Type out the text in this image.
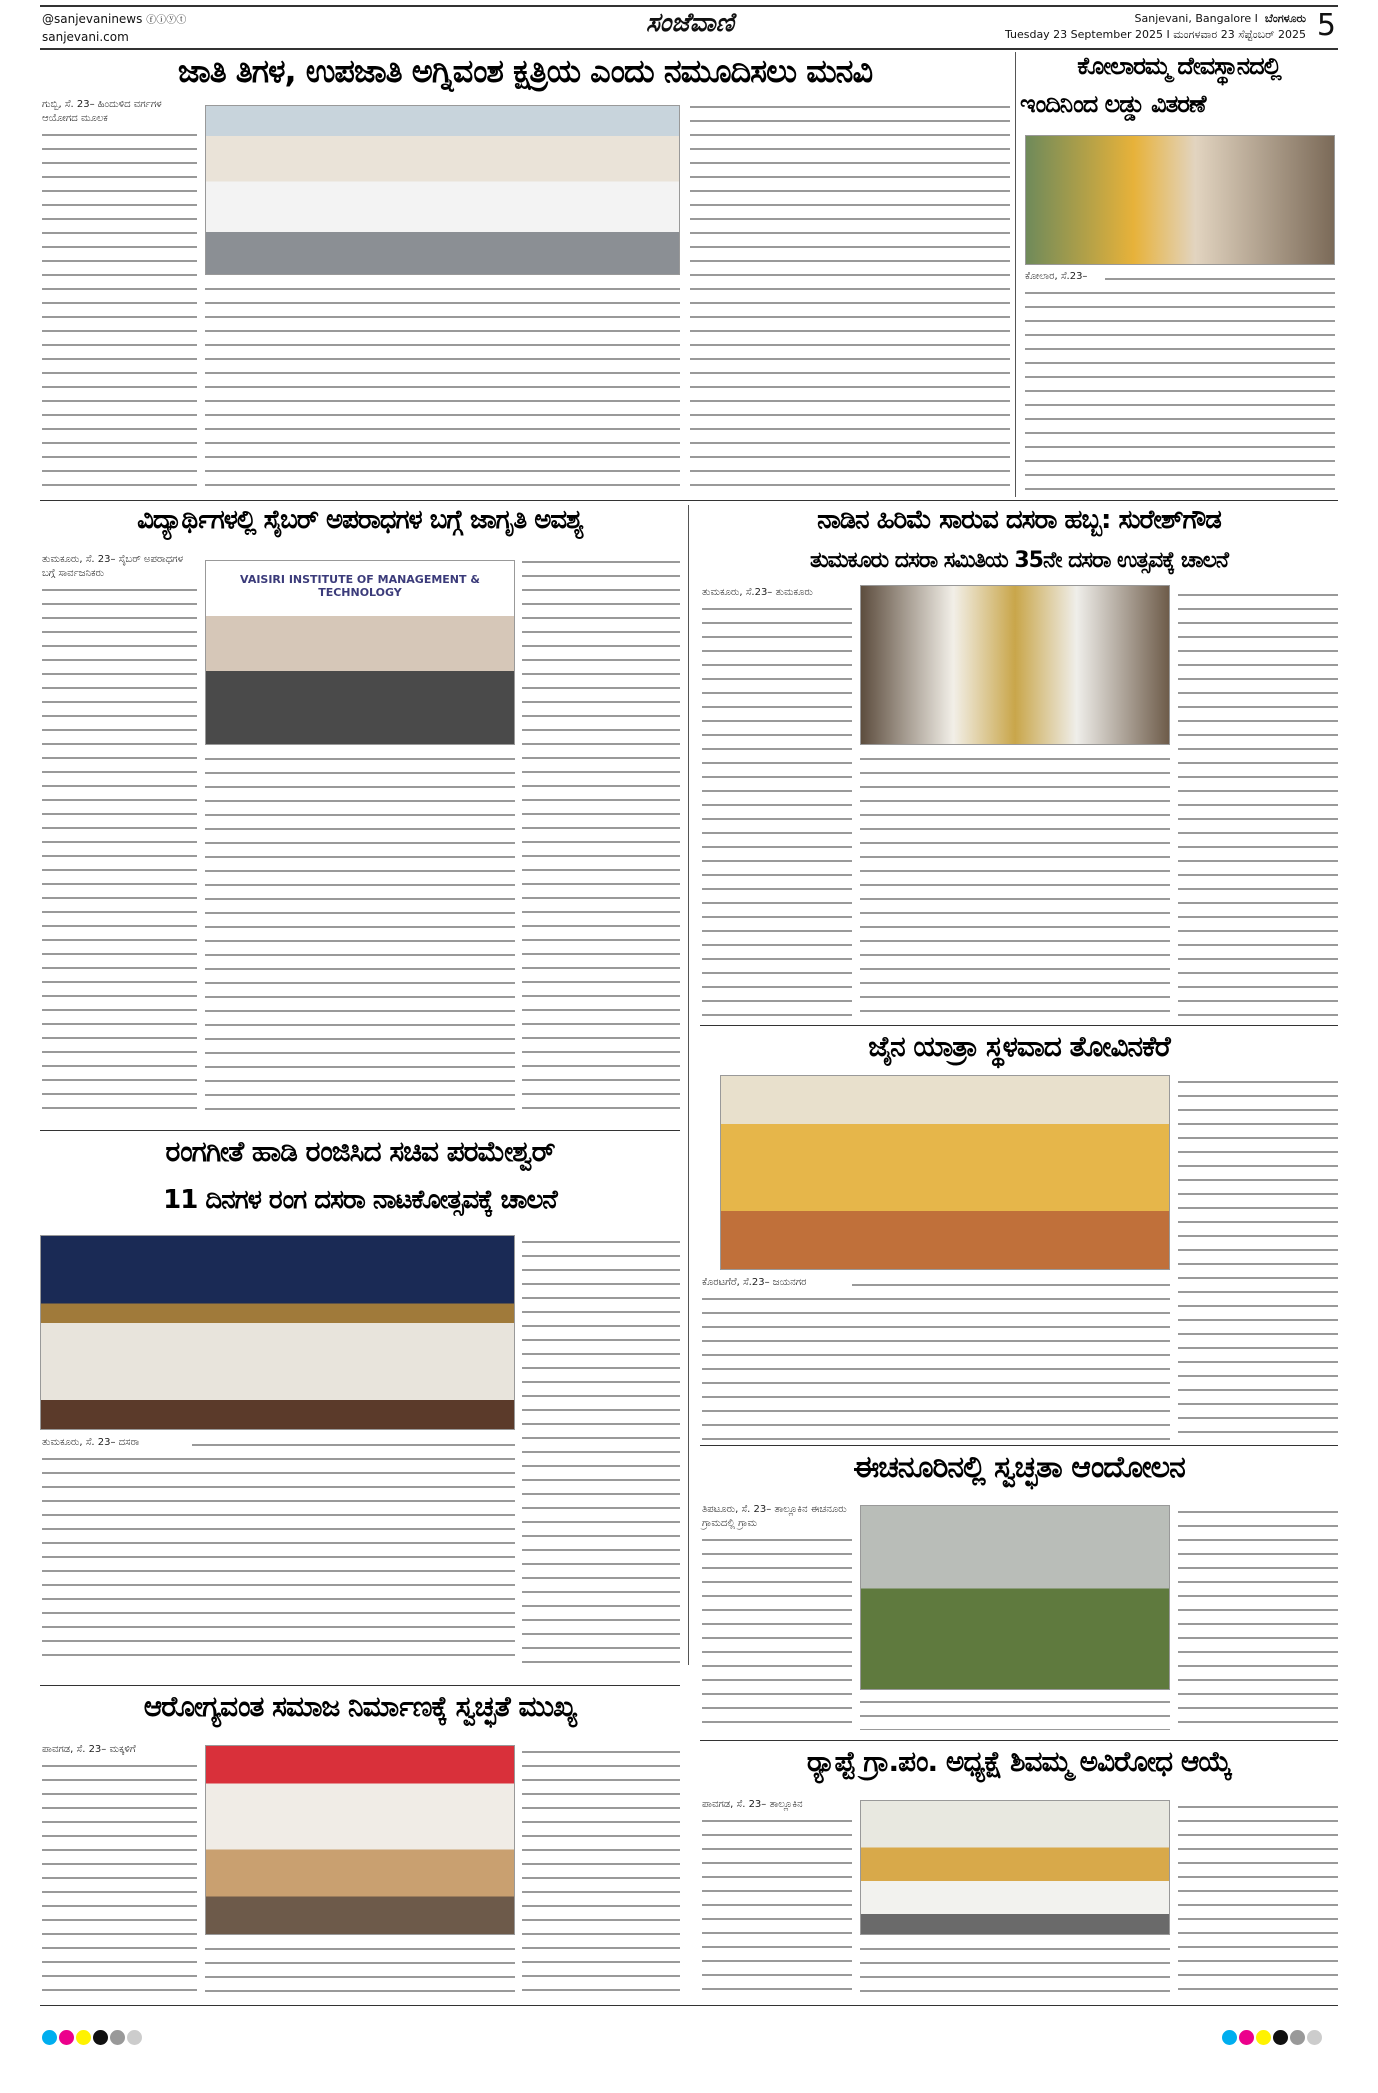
@sanjevaninews ⓕⓘⓨⓣ
sanjevani.com	ಸಂಜೆವಾಣಿ	Sanjevani, Bangalore I ಬೆಂಗಳೂರು
Tuesday 23 September 2025 I ಮಂಗಳವಾರ 23 ಸೆಪ್ಟೆಂಬರ್ 2025 5
ಜಾತಿ ತಿಗಳ, ಉಪಜಾತಿ ಅಗ್ನಿವಂಶ ಕ್ಷತ್ರಿಯ ಎಂದು ನಮೂದಿಸಲು ಮನವಿ
ಗುಬ್ಬಿ, ಸೆ. 23– ಹಿಂದುಳಿದ ವರ್ಗಗಳ ಆಯೋಗದ ಮೂಲಕ
ಕೋಲಾರಮ್ಮ ದೇವಸ್ಥಾನದಲ್ಲಿ
ಇಂದಿನಿಂದ ಲಡ್ಡು ವಿತರಣೆ
ಕೋಲಾರ, ಸೆ.23–
ವಿದ್ಯಾರ್ಥಿಗಳಲ್ಲಿ ಸೈಬರ್ ಅಪರಾಧಗಳ ಬಗ್ಗೆ ಜಾಗೃತಿ ಅವಶ್ಯ
ತುಮಕೂರು, ಸೆ. 23– ಸೈಬರ್ ಅಪರಾಧಗಳ ಬಗ್ಗೆ ಸಾರ್ವಜನಿಕರು	VAISIRI INSTITUTE OF MANAGEMENT & TECHNOLOGY
ನಾಡಿನ ಹಿರಿಮೆ ಸಾರುವ ದಸರಾ ಹಬ್ಬ: ಸುರೇಶ್‌ಗೌಡ
ತುಮಕೂರು ದಸರಾ ಸಮಿತಿಯ 35ನೇ ದಸರಾ ಉತ್ಸವಕ್ಕೆ ಚಾಲನೆ
ತುಮಕೂರು, ಸೆ.23– ತುಮಕೂರು
ಜೈನ ಯಾತ್ರಾ ಸ್ಥಳವಾದ ತೋವಿನಕೆರೆ
ಕೊರಟಗೆರೆ, ಸೆ.23– ಜಯನಗರ
ರಂಗಗೀತೆ ಹಾಡಿ ರಂಜಿಸಿದ ಸಚಿವ ಪರಮೇಶ್ವರ್
11 ದಿನಗಳ ರಂಗ ದಸರಾ ನಾಟಕೋತ್ಸವಕ್ಕೆ ಚಾಲನೆ
ತುಮಕೂರು, ಸೆ. 23– ದಸರಾ
ಈಚನೂರಿನಲ್ಲಿ ಸ್ವಚ್ಛತಾ ಆಂದೋಲನ
ತಿಪಟೂರು, ಸೆ. 23– ತಾಲ್ಲೂಕಿನ ಈಚನೂರು ಗ್ರಾಮದಲ್ಲಿ ಗ್ರಾಮ
ಆರೋಗ್ಯವಂತ ಸಮಾಜ ನಿರ್ಮಾಣಕ್ಕೆ ಸ್ವಚ್ಛತೆ ಮುಖ್ಯ
ಪಾವಗಡ, ಸೆ. 23– ಮಕ್ಕಳಿಗೆ	ರ್‍ಯಾಪ್ಟೆ ಗ್ರಾ.ಪಂ. ಅಧ್ಯಕ್ಷೆ ಶಿವಮ್ಮ ಅವಿರೋಧ ಆಯ್ಕೆ
ಪಾವಗಡ, ಸೆ. 23– ತಾಲ್ಲೂಕಿನ
